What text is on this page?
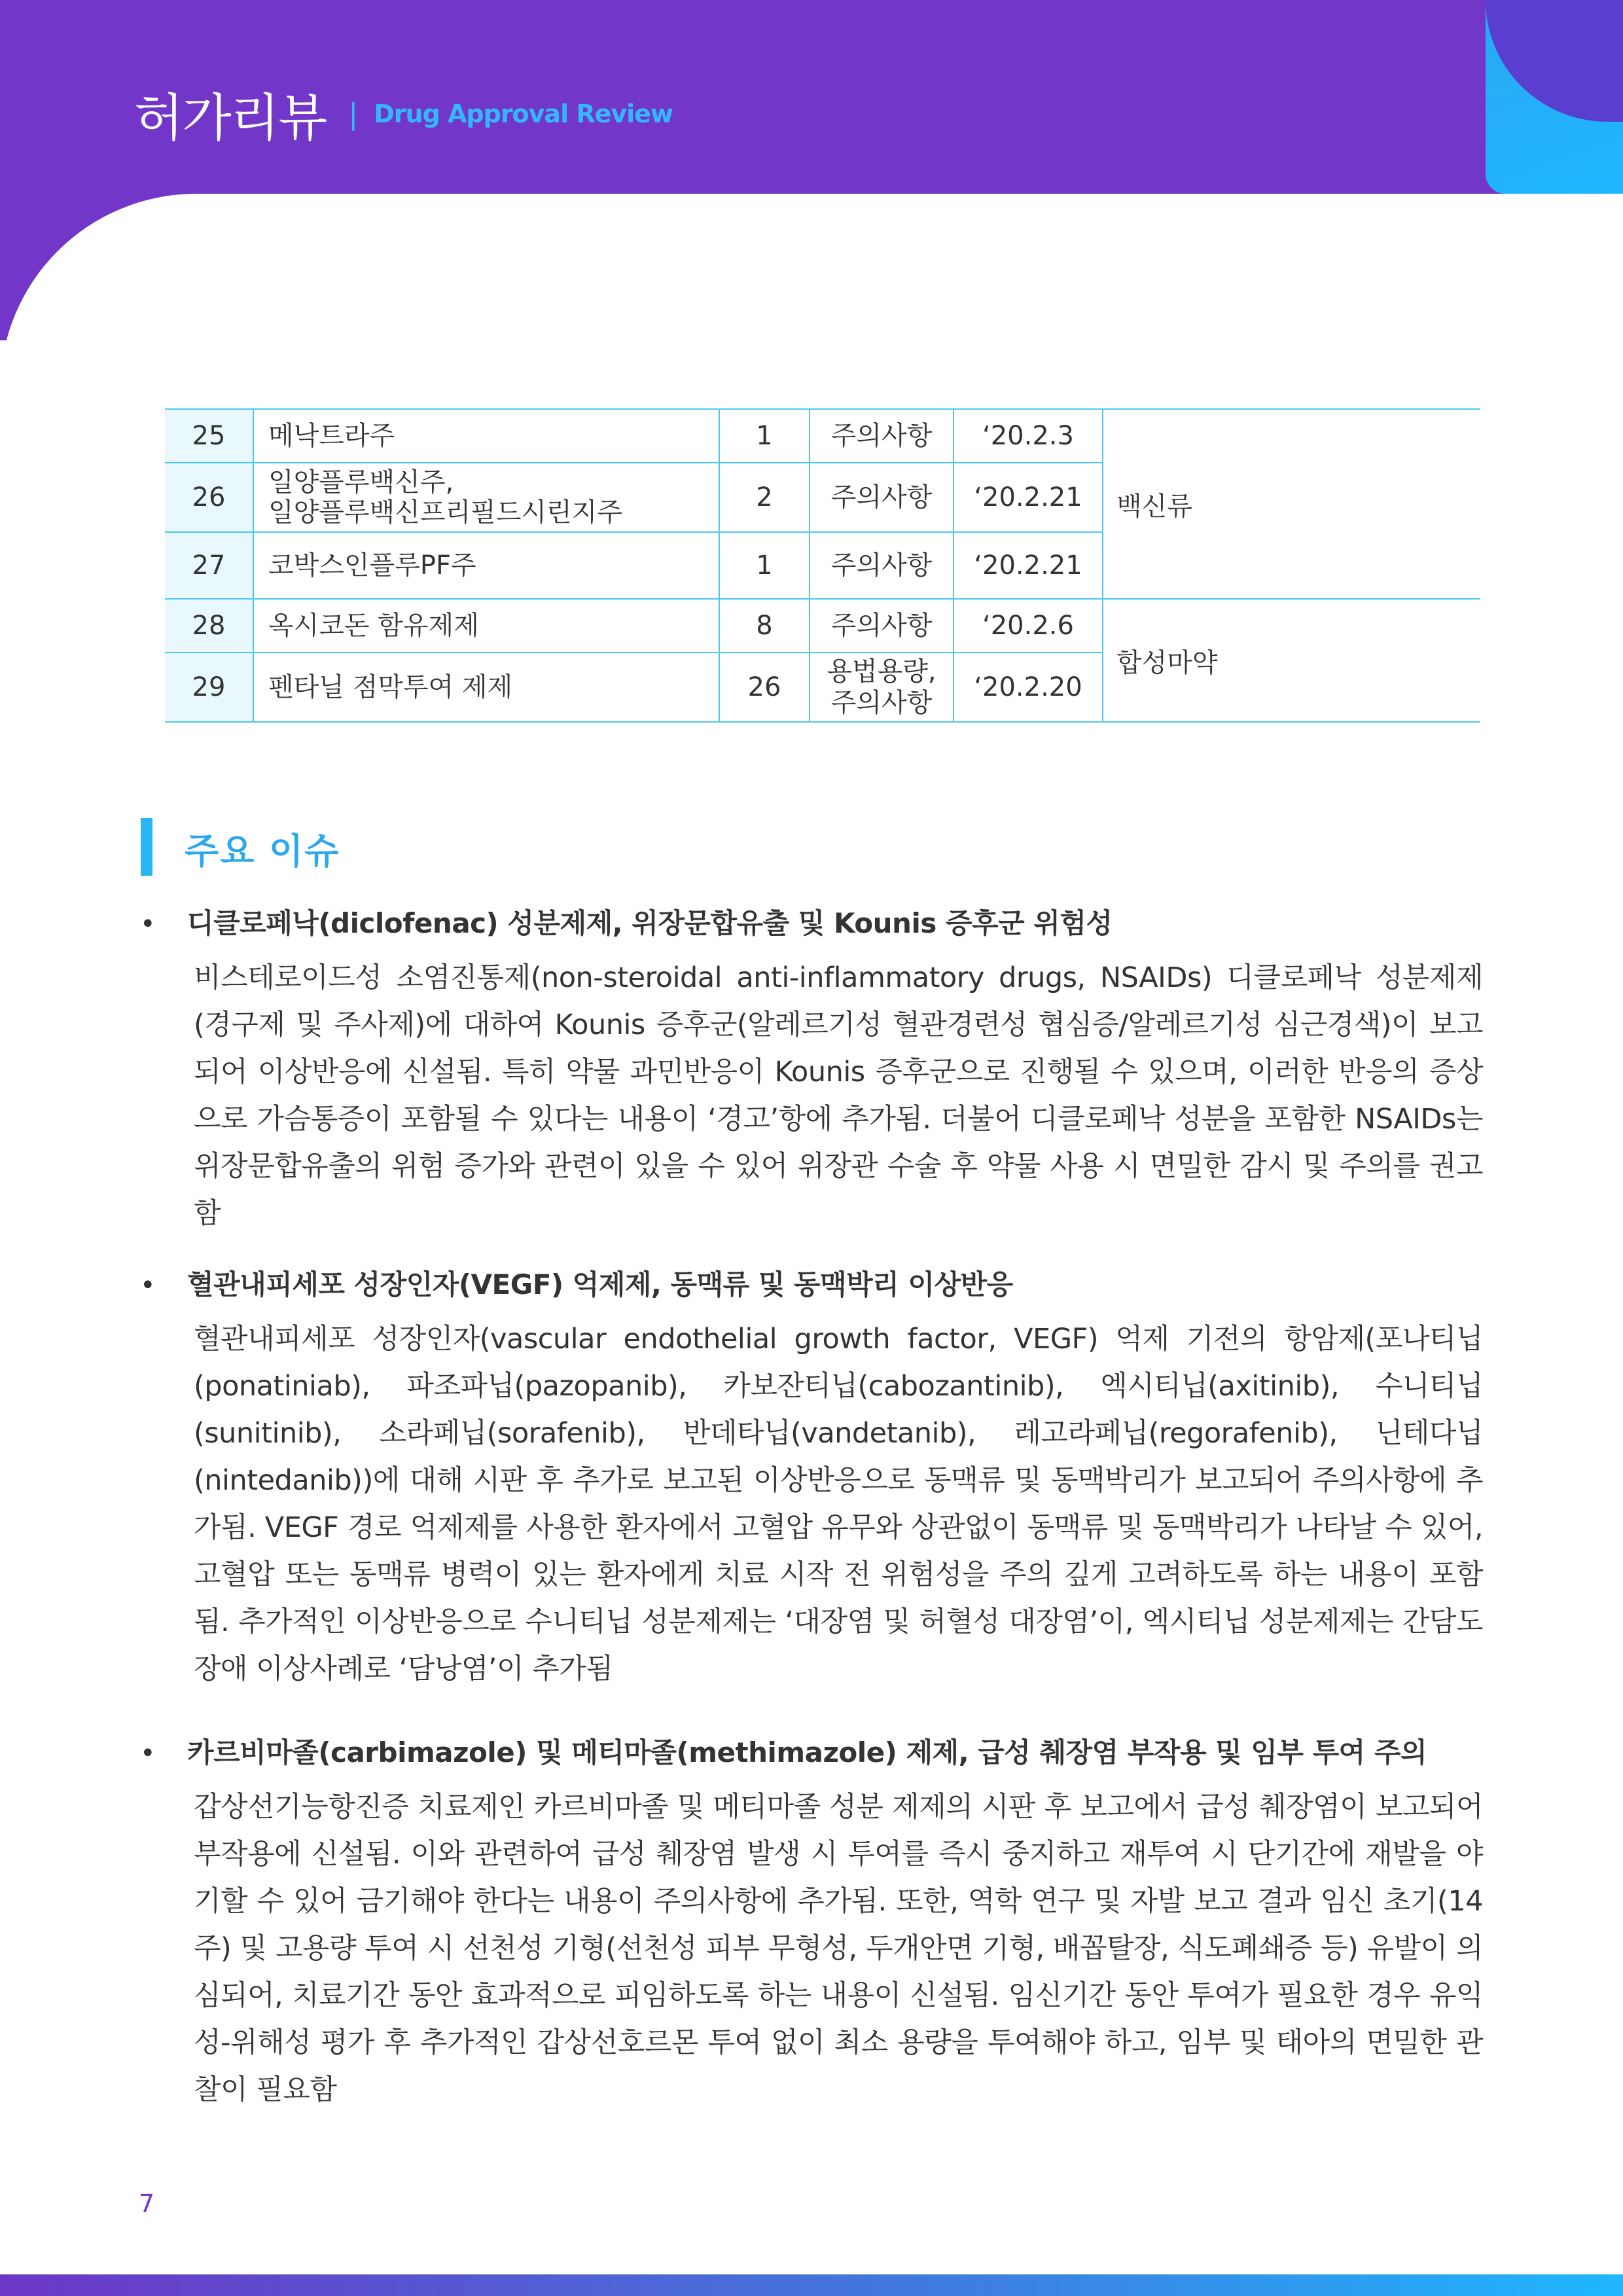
허가리뷰 | Drug Approval Review
25	메낙트라주	1	주의사항	‘20.2.3	백신류
26	일양플루백신주,
일양플루백신프리필드시린지주	2	주의사항	‘20.2.21	
27	코박스인플루PF주	1	주의사항	‘20.2.21	
28	옥시코돈 함유제제	8	주의사항	‘20.2.6	합성마약
29	펜타닐 점막투여 제제	26	용법용량,
주의사항	‘20.2.20	
주요 이슈
•	디클로페낙(diclofenac) 성분제제, 위장문합유출 및 Kounis 증후군 위험성
비스테로이드성 소염진통제(non-steroidal anti-inflammatory drugs, NSAIDs) 디클로페낙 성분제제(경구제 및 주사제)에 대하여 Kounis 증후군(알레르기성 혈관경련성 협심증/알레르기성 심근경색)이 보고되어 이상반응에 신설됨. 특히 약물 과민반응이 Kounis 증후군으로 진행될 수 있으며, 이러한 반응의 증상으로 가슴통증이 포함될 수 있다는 내용이 ‘경고’항에 추가됨. 더불어 디클로페낙 성분을 포함한 NSAIDs는 위장문합유출의 위험 증가와 관련이 있을 수 있어 위장관 수술 후 약물 사용 시 면밀한 감시 및 주의를 권고함
•	혈관내피세포 성장인자(VEGF) 억제제, 동맥류 및 동맥박리 이상반응
혈관내피세포 성장인자(vascular endothelial growth factor, VEGF) 억제 기전의 항암제(포나티닙(ponatiniab), 파조파닙(pazopanib), 카보잔티닙(cabozantinib), 엑시티닙(axitinib), 수니티닙(sunitinib), 소라페닙(sorafenib), 반데타닙(vandetanib), 레고라페닙(regorafenib), 닌테다닙(nintedanib))에 대해 시판 후 추가로 보고된 이상반응으로 동맥류 및 동맥박리가 보고되어 주의사항에 추가됨. VEGF 경로 억제제를 사용한 환자에서 고혈압 유무와 상관없이 동맥류 및 동맥박리가 나타날 수 있어, 고혈압 또는 동맥류 병력이 있는 환자에게 치료 시작 전 위험성을 주의 깊게 고려하도록 하는 내용이 포함됨. 추가적인 이상반응으로 수니티닙 성분제제는 ‘대장염 및 허혈성 대장염’이, 엑시티닙 성분제제는 간담도 장애 이상사례로 ‘담낭염’이 추가됨
•	카르비마졸(carbimazole) 및 메티마졸(methimazole) 제제, 급성 췌장염 부작용 및 임부 투여 주의
갑상선기능항진증 치료제인 카르비마졸 및 메티마졸 성분 제제의 시판 후 보고에서 급성 췌장염이 보고되어 부작용에 신설됨. 이와 관련하여 급성 췌장염 발생 시 투여를 즉시 중지하고 재투여 시 단기간에 재발을 야기할 수 있어 금기해야 한다는 내용이 주의사항에 추가됨. 또한, 역학 연구 및 자발 보고 결과 임신 초기(14주) 및 고용량 투여 시 선천성 기형(선천성 피부 무형성, 두개안면 기형, 배꼽탈장, 식도폐쇄증 등) 유발이 의심되어, 치료기간 동안 효과적으로 피임하도록 하는 내용이 신설됨. 임신기간 동안 투여가 필요한 경우 유익성-위해성 평가 후 추가적인 갑상선호르몬 투여 없이 최소 용량을 투여해야 하고, 임부 및 태아의 면밀한 관찰이 필요함
7
